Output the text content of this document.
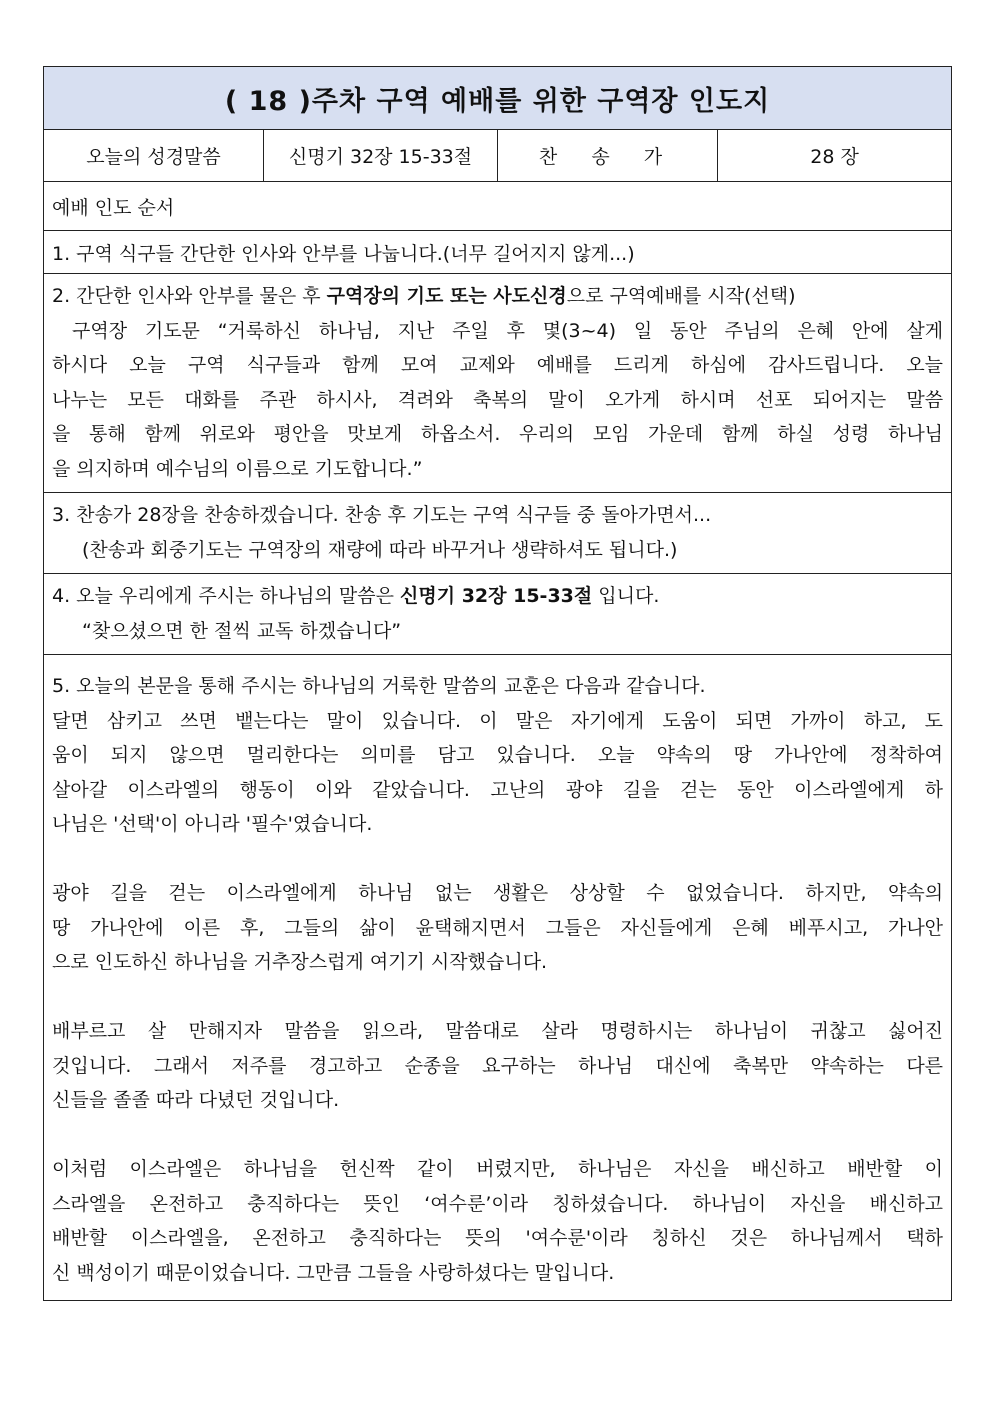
( 18 )주차 구역 예배를 위한 구역장 인도지
오늘의 성경말씀	신명기 32장 15-33절	찬 송 가	28 장
예배 인도 순서
1. 구역 식구들 간단한 인사와 안부를 나눕니다.(너무 길어지지 않게...)

2. 간단한 인사와 안부를 물은 후 구역장의 기도 또는 사도신경으로 구역예배를 시작(선택)
구역장 기도문 “거룩하신 하나님, 지난 주일 후 몇(3~4) 일 동안 주님의 은혜 안에 살게
하시다 오늘 구역 식구들과 함께 모여 교제와 예배를 드리게 하심에 감사드립니다. 오늘
나누는 모든 대화를 주관 하시사, 격려와 축복의 말이 오가게 하시며 선포 되어지는 말씀
을 통해 함께 위로와 평안을 맛보게 하옵소서. 우리의 모임 가운데 함께 하실 성령 하나님
을 의지하며 예수님의 이름으로 기도합니다.”

3. 찬송가 28장을 찬송하겠습니다. 찬송 후 기도는 구역 식구들 중 돌아가면서...
(찬송과 회중기도는 구역장의 재량에 따라 바꾸거나 생략하셔도 됩니다.)

4. 오늘 우리에게 주시는 하나님의 말씀은 신명기 32장 15-33절 입니다.
“찾으셨으면 한 절씩 교독 하겠습니다”

5. 오늘의 본문을 통해 주시는 하나님의 거룩한 말씀의 교훈은 다음과 같습니다.
달면 삼키고 쓰면 뱉는다는 말이 있습니다. 이 말은 자기에게 도움이 되면 가까이 하고, 도
움이 되지 않으면 멀리한다는 의미를 담고 있습니다. 오늘 약속의 땅 가나안에 정착하여
살아갈 이스라엘의 행동이 이와 같았습니다. 고난의 광야 길을 걷는 동안 이스라엘에게 하
나님은 '선택'이 아니라 '필수'였습니다.
광야 길을 걷는 이스라엘에게 하나님 없는 생활은 상상할 수 없었습니다. 하지만, 약속의
땅 가나안에 이른 후, 그들의 삶이 윤택해지면서 그들은 자신들에게 은혜 베푸시고, 가나안
으로 인도하신 하나님을 거추장스럽게 여기기 시작했습니다.
배부르고 살 만해지자 말씀을 읽으라, 말씀대로 살라 명령하시는 하나님이 귀찮고 싫어진
것입니다. 그래서 저주를 경고하고 순종을 요구하는 하나님 대신에 축복만 약속하는 다른
신들을 졸졸 따라 다녔던 것입니다.
이처럼 이스라엘은 하나님을 헌신짝 같이 버렸지만, 하나님은 자신을 배신하고 배반할 이
스라엘을 온전하고 충직하다는 뜻인 ‘여수룬’이라 칭하셨습니다. 하나님이 자신을 배신하고
배반할 이스라엘을, 온전하고 충직하다는 뜻의 '여수룬'이라 칭하신 것은 하나님께서 택하
신 백성이기 때문이었습니다. 그만큼 그들을 사랑하셨다는 말입니다.
